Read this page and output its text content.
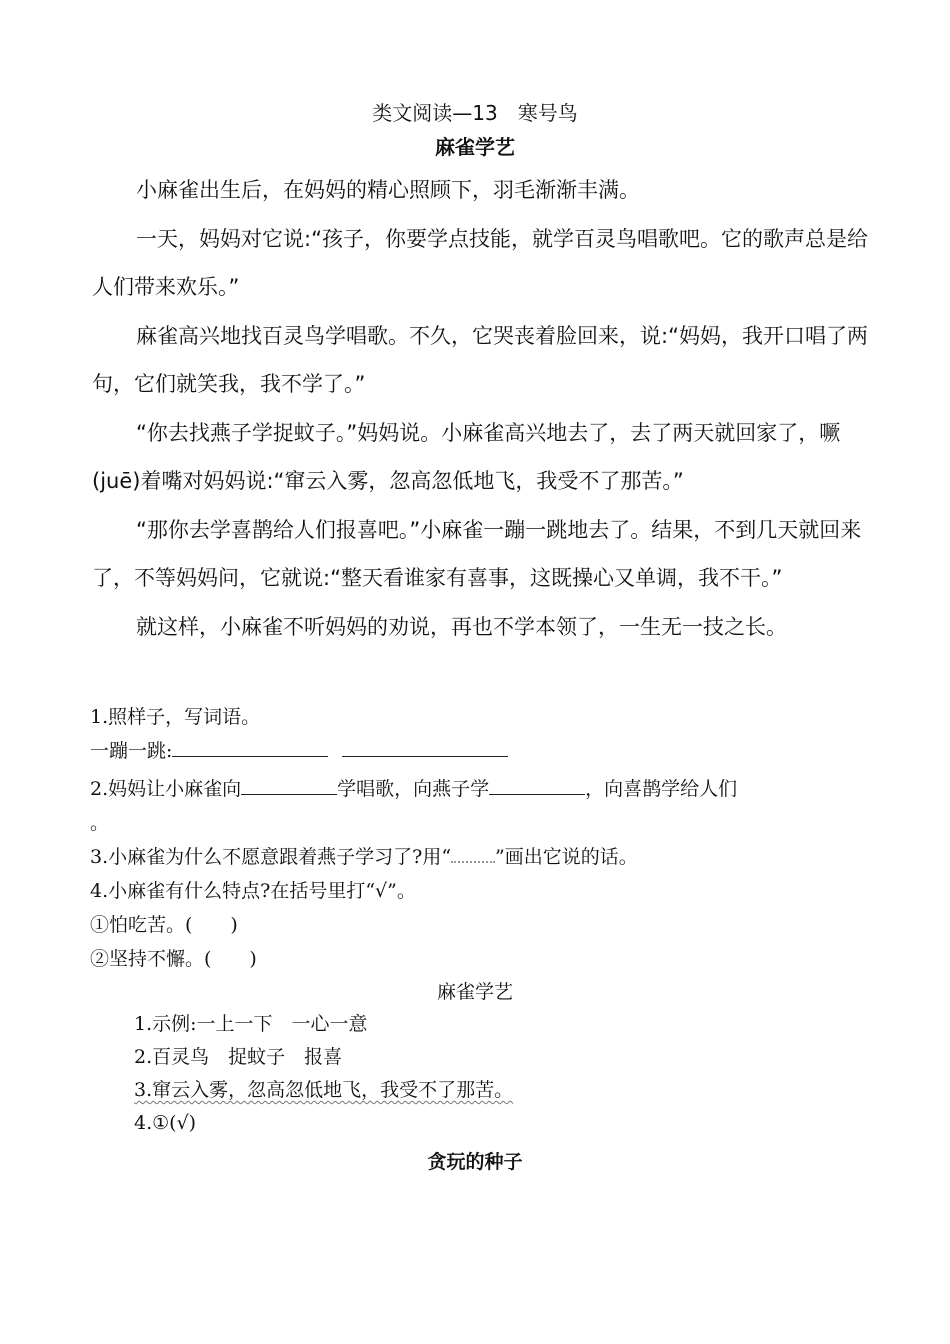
类文阅读—13　寒号鸟
麻雀学艺

小麻雀出生后，在妈妈的精心照顾下，羽毛渐渐丰满。

一天，妈妈对它说:“孩子，你要学点技能，就学百灵鸟唱歌吧。它的歌声总是给人们带来欢乐。”

麻雀高兴地找百灵鸟学唱歌。不久，它哭丧着脸回来，说:“妈妈，我开口唱了两句，它们就笑我，我不学了。”

“你去找燕子学捉蚊子。”妈妈说。小麻雀高兴地去了，去了两天就回家了，噘(juē)着嘴对妈妈说:“窜云入雾，忽高忽低地飞，我受不了那苦。”

“那你去学喜鹊给人们报喜吧。”小麻雀一蹦一跳地去了。结果，不到几天就回来了，不等妈妈问，它就说:“整天看谁家有喜事，这既操心又单调，我不干。”

就这样，小麻雀不听妈妈的劝说，再也不学本领了，一生无一技之长。

1.照样子，写词语。
一蹦一跳:
2.妈妈让小麻雀向	学唱歌，向燕子学	，向喜鹊学给人们
。
3.小麻雀为什么不愿意跟着燕子学习了?用“ ”画出它说的话。
4.小麻雀有什么特点?在括号里打“√”。
①怕吃苦。(　　)
②坚持不懈。(　　)
麻雀学艺
1.示例:一上一下　一心一意
2.百灵鸟　捉蚊子　报喜
3.窜云入雾，忽高忽低地飞，我受不了那苦。
4.①(√)
贪玩的种子
